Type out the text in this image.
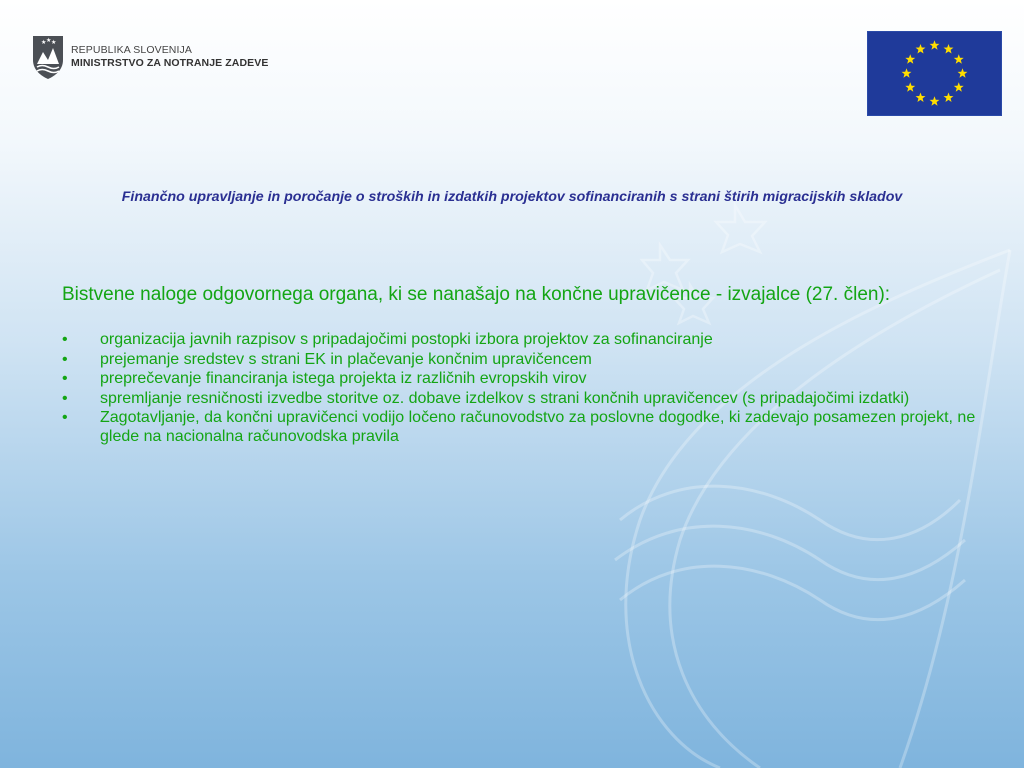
★ ★ ★
REPUBLIKA SLOVENIJA
MINISTRSTVO ZA NOTRANJE ZADEVE
Finančno upravljanje in poročanje o stroških in izdatkih projektov sofinanciranih s strani štirih migracijskih skladov

Bistvene naloge odgovornega organa, ki se nanašajo na končne upravičence - izvajalce (27. člen):

• organizacija javnih razpisov s pripadajočimi postopki izbora projektov za sofinanciranje
• prejemanje sredstev s strani EK in plačevanje končnim upravičencem
• preprečevanje financiranja istega projekta iz različnih evropskih virov
• spremljanje resničnosti izvedbe storitve oz. dobave izdelkov s strani končnih upravičencev (s pripadajočimi izdatki)
• Zagotavljanje, da končni upravičenci vodijo ločeno računovodstvo za poslovne dogodke, ki zadevajo posamezen projekt, ne glede na nacionalna računovodska pravila
